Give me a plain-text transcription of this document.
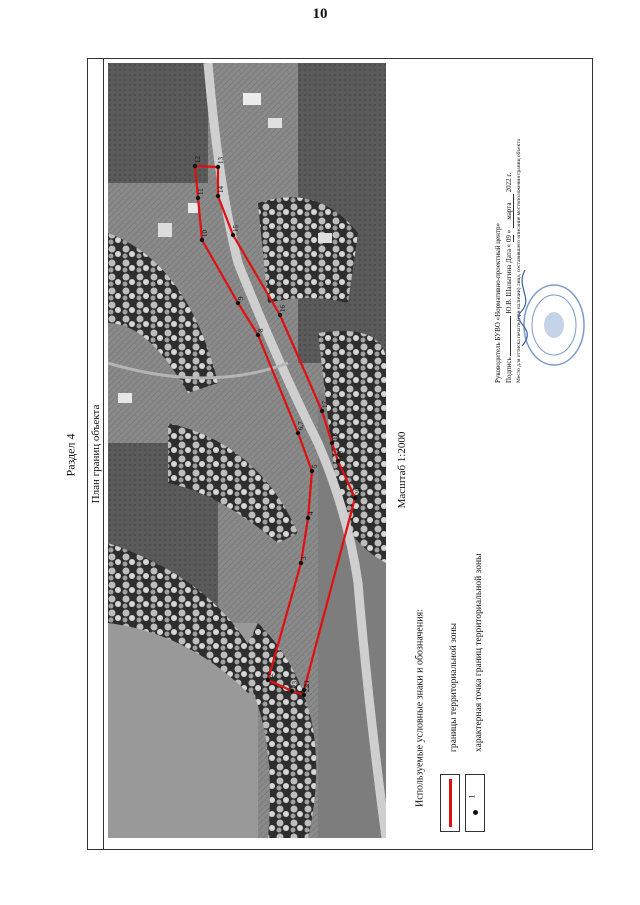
10
Раздел 4 План границ объекта
2
3
4
5
6,7
8
9
10
11
12 13
14
15
16
17
18
19
20
21
22
23
Масштаб 1:2000
Используемые условные знаки и обозначения: границы территориальной зоны
1
характерная точка границ территориальной зоны
Руководитель БУВО «Нормативно-проектный центр» Подпись  Ю.В. Шалыгина Дата « 09 » марта 2022 г. Место для оттиска печати (при наличии) лица, составившего описание местоположения границ объекта
